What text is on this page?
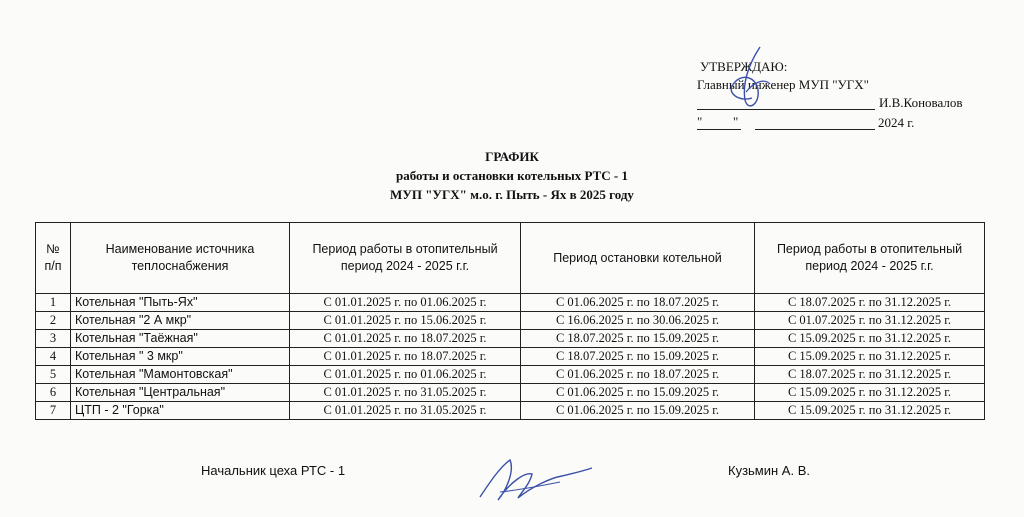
УТВЕРЖДАЮ:
Главный инженер МУП "УГХ"
И.В.Коновалов
" "	2024 г.
ГРАФИК
работы и остановки котельных РТС - 1
МУП "УГХ" м.о. г. Пыть - Ях в 2025 году
№ п/п	Наименование источника теплоснабжения	Период работы в отопительный период 2024 - 2025 г.г.	Период остановки котельной	Период работы в отопительный период 2024 - 2025 г.г.
1	Котельная "Пыть-Ях"	С 01.01.2025 г. по 01.06.2025 г.	С 01.06.2025 г. по 18.07.2025 г.	С 18.07.2025 г. по 31.12.2025 г.
2	Котельная "2 А мкр"	С 01.01.2025 г. по 15.06.2025 г.	С 16.06.2025 г. по 30.06.2025 г.	С 01.07.2025 г. по 31.12.2025 г.
3	Котельная "Таёжная"	С 01.01.2025 г. по 18.07.2025 г.	С 18.07.2025 г. по 15.09.2025 г.	С 15.09.2025 г. по 31.12.2025 г.
4	Котельная " 3 мкр"	С 01.01.2025 г. по 18.07.2025 г.	С 18.07.2025 г. по 15.09.2025 г.	С 15.09.2025 г. по 31.12.2025 г.
5	Котельная "Мамонтовская"	С 01.01.2025 г. по 01.06.2025 г.	С 01.06.2025 г. по 18.07.2025 г.	С 18.07.2025 г. по 31.12.2025 г.
6	Котельная "Центральная"	С 01.01.2025 г. по 31.05.2025 г.	С 01.06.2025 г. по 15.09.2025 г.	С 15.09.2025 г. по 31.12.2025 г.
7	ЦТП - 2 "Горка"	С 01.01.2025 г. по 31.05.2025 г.	С 01.06.2025 г. по 15.09.2025 г.	С 15.09.2025 г. по 31.12.2025 г.
Начальник цеха РТС - 1	Кузьмин А. В.
